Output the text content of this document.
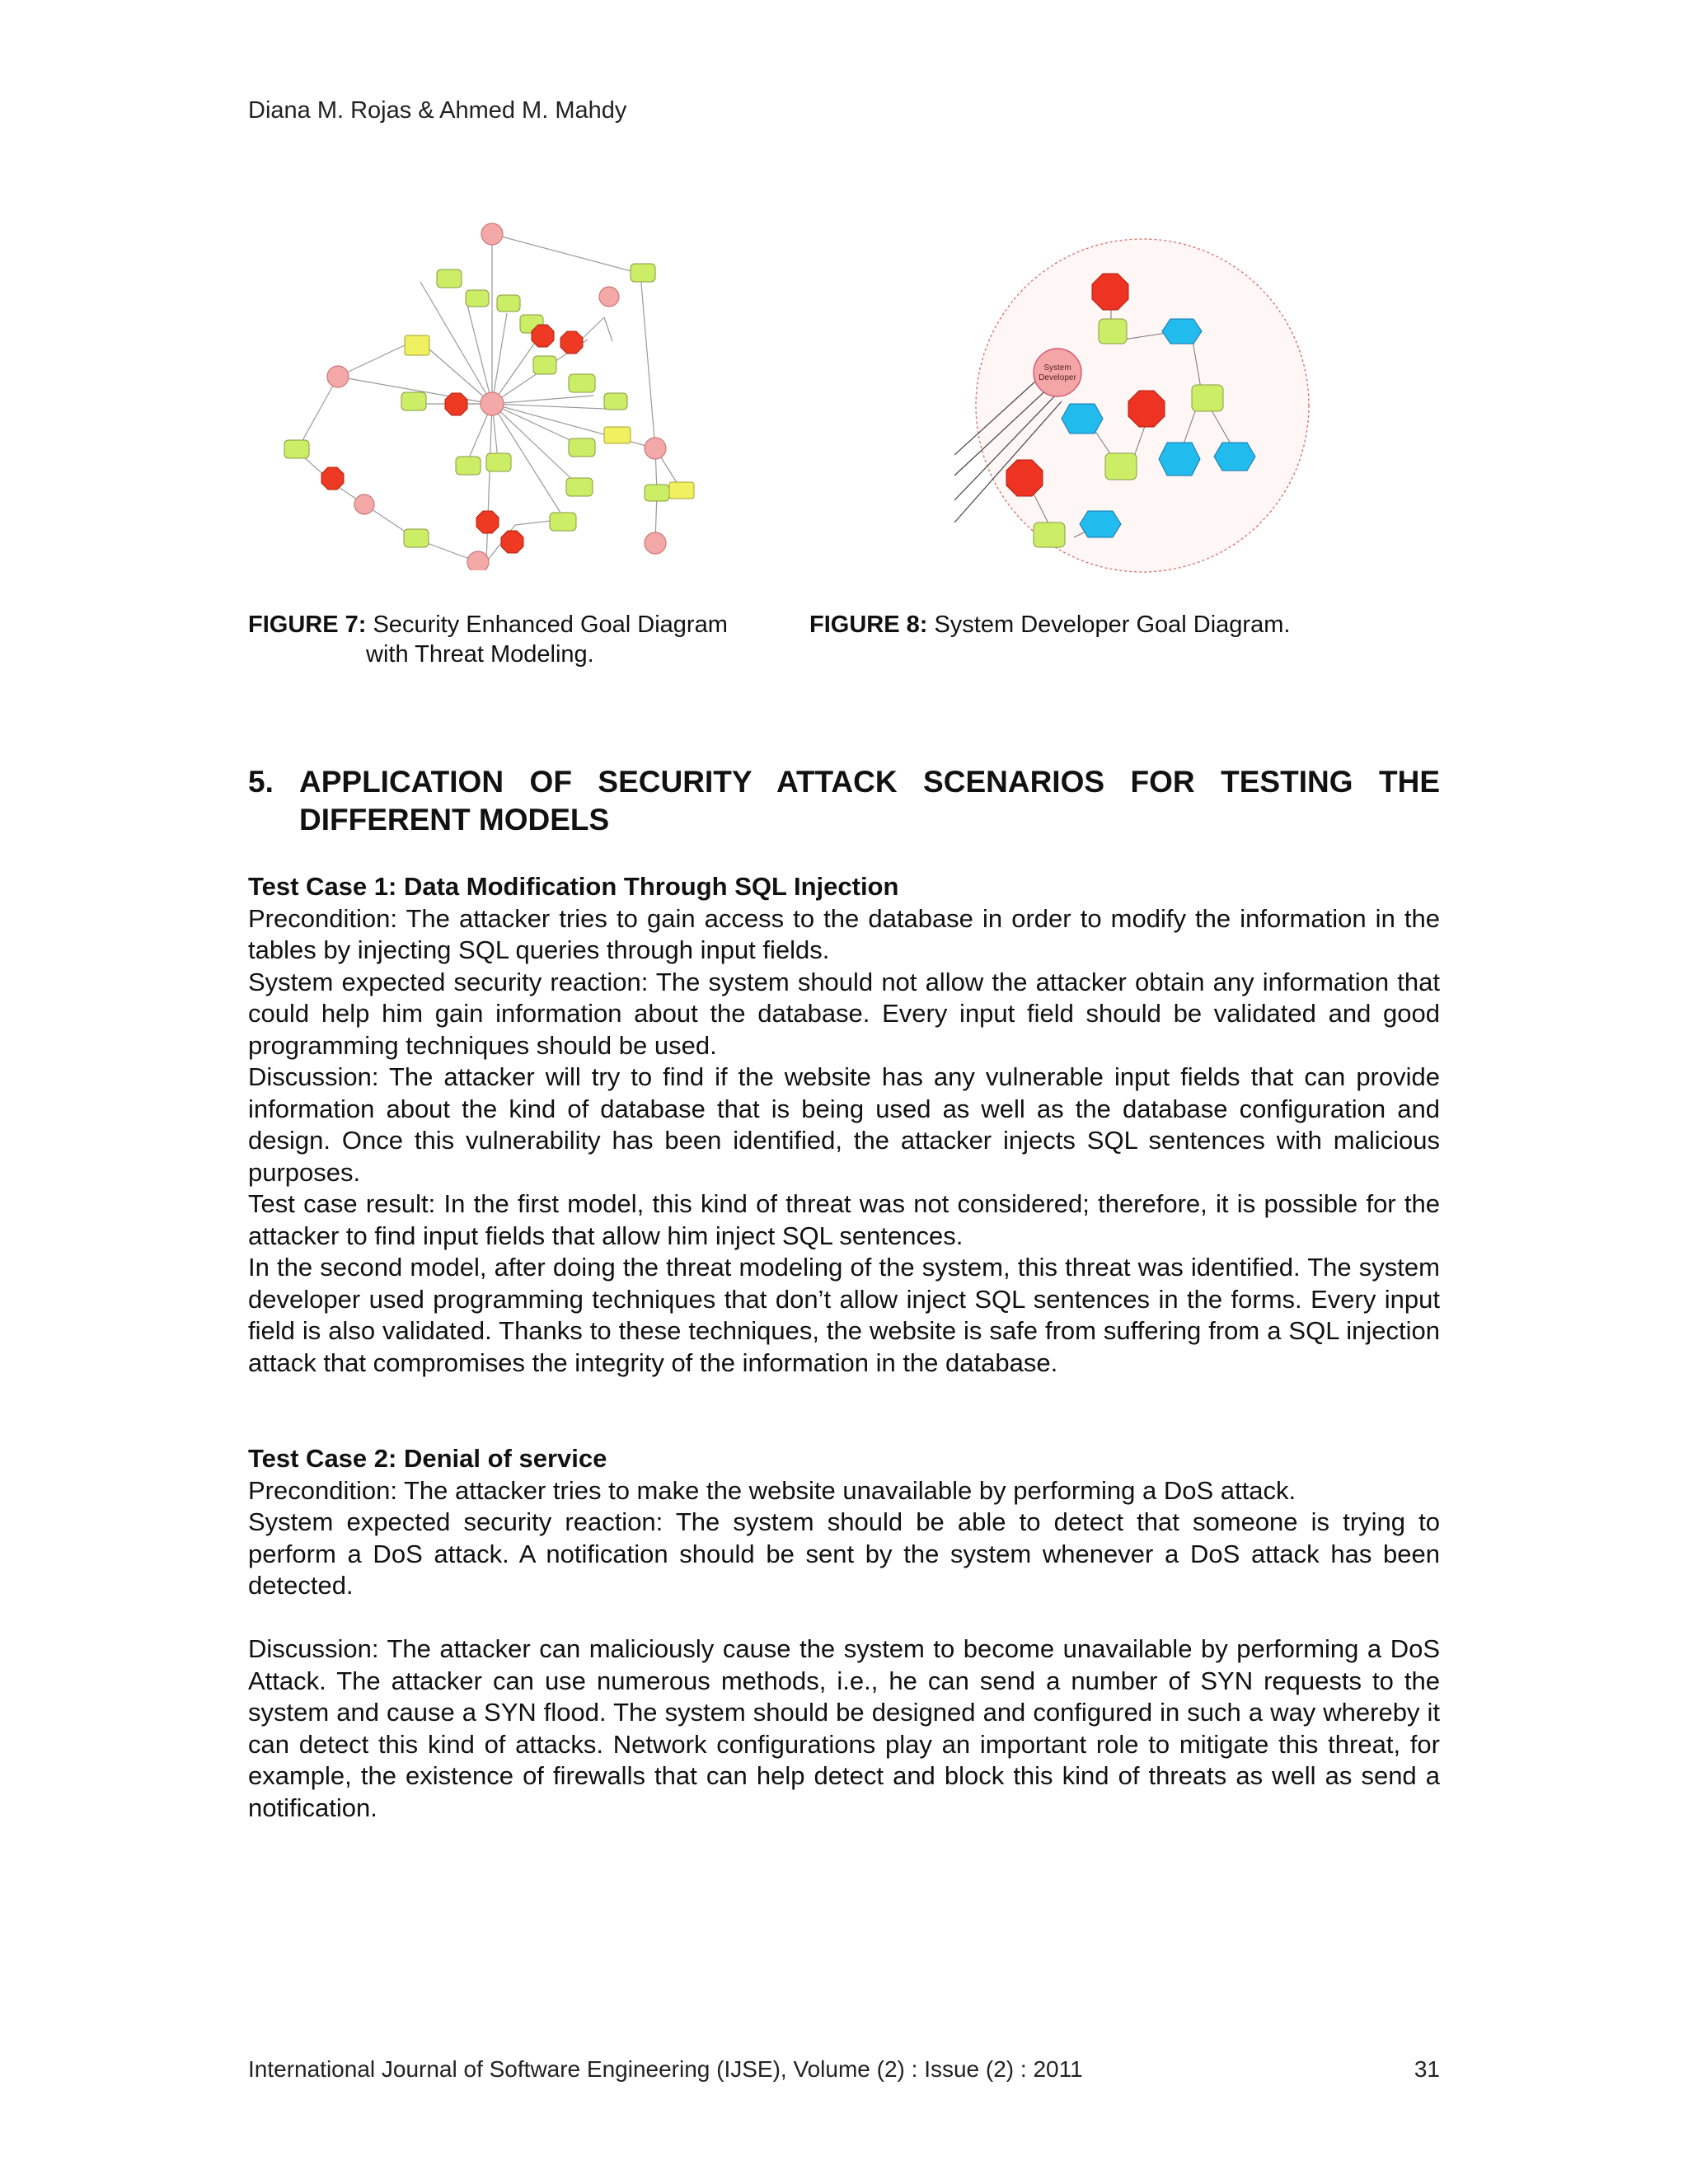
Diana M. Rojas & Ahmed M. Mahdy
System
Developer
FIGURE 7: Security Enhanced Goal Diagram
with Threat Modeling.
FIGURE 8: System Developer Goal Diagram.
5. APPLICATION OF SECURITY ATTACK SCENARIOS FOR TESTING THE DIFFERENT MODELS
Test Case 1: Data Modification Through SQL Injection

Precondition: The attacker tries to gain access to the database in order to modify the information in the tables by injecting SQL queries through input fields.

System expected security reaction: The system should not allow the attacker obtain any information that could help him gain information about the database. Every input field should be validated and good programming techniques should be used.

Discussion: The attacker will try to find if the website has any vulnerable input fields that can provide information about the kind of database that is being used as well as the database configuration and design. Once this vulnerability has been identified, the attacker injects SQL sentences with malicious purposes.

Test case result: In the first model, this kind of threat was not considered; therefore, it is possible for the attacker to find input fields that allow him inject SQL sentences.

In the second model, after doing the threat modeling of the system, this threat was identified. The system developer used programming techniques that don’t allow inject SQL sentences in the forms. Every input field is also validated. Thanks to these techniques, the website is safe from suffering from a SQL injection attack that compromises the integrity of the information in the database.

Test Case 2: Denial of service

Precondition: The attacker tries to make the website unavailable by performing a DoS attack.

System expected security reaction: The system should be able to detect that someone is trying to perform a DoS attack. A notification should be sent by the system whenever a DoS attack has been detected.

Discussion: The attacker can maliciously cause the system to become unavailable by performing a DoS Attack. The attacker can use numerous methods, i.e., he can send a number of SYN requests to the system and cause a SYN flood. The system should be designed and configured in such a way whereby it can detect this kind of attacks. Network configurations play an important role to mitigate this threat, for example, the existence of firewalls that can help detect and block this kind of threats as well as send a notification.

International Journal of Software Engineering (IJSE), Volume (2) : Issue (2) : 2011	31
